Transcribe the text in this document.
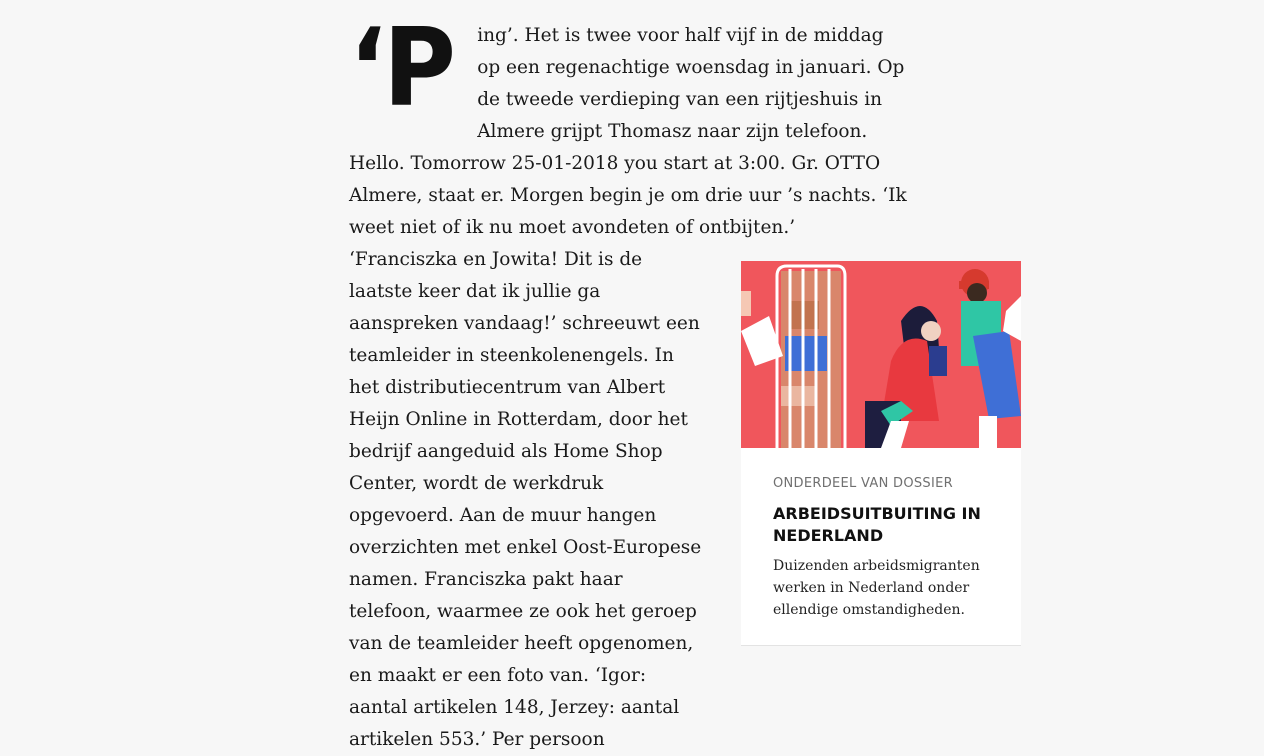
‘P ing’. Het is twee voor half vijf in de middag op een regenachtige woensdag in januari. Op de tweede verdieping van een rijtjeshuis in Almere grijpt Thomasz naar zijn telefoon. Hello. Tomorrow 25-01-2018 you start at 3:00. Gr. OTTO Almere, staat er. Morgen begin je om drie uur ’s nachts. ‘Ik weet niet of ik nu moet avondeten of ontbijten.’

‘Franciszka en Jowita! Dit is de laatste keer dat ik jullie ga aanspreken vandaag!’ schreeuwt een teamleider in steenkolenengels. In het distributiecentrum van Albert Heijn Online in Rotterdam, door het bedrijf aangeduid als Home Shop Center, wordt de werkdruk opgevoerd. Aan de muur hangen overzichten met enkel Oost-Europese namen. Franciszka pakt haar telefoon, waarmee ze ook het geroep van de teamleider heeft opgenomen, en maakt er een foto van. ‘Igor: aantal artikelen 148, Jerzey: aantal artikelen 553.’ Per persoon

ONDERDEEL VAN DOSSIER
ARBEIDSUITBUITING IN NEDERLAND
Duizenden arbeidsmigranten werken in Nederland onder ellendige omstandigheden.
